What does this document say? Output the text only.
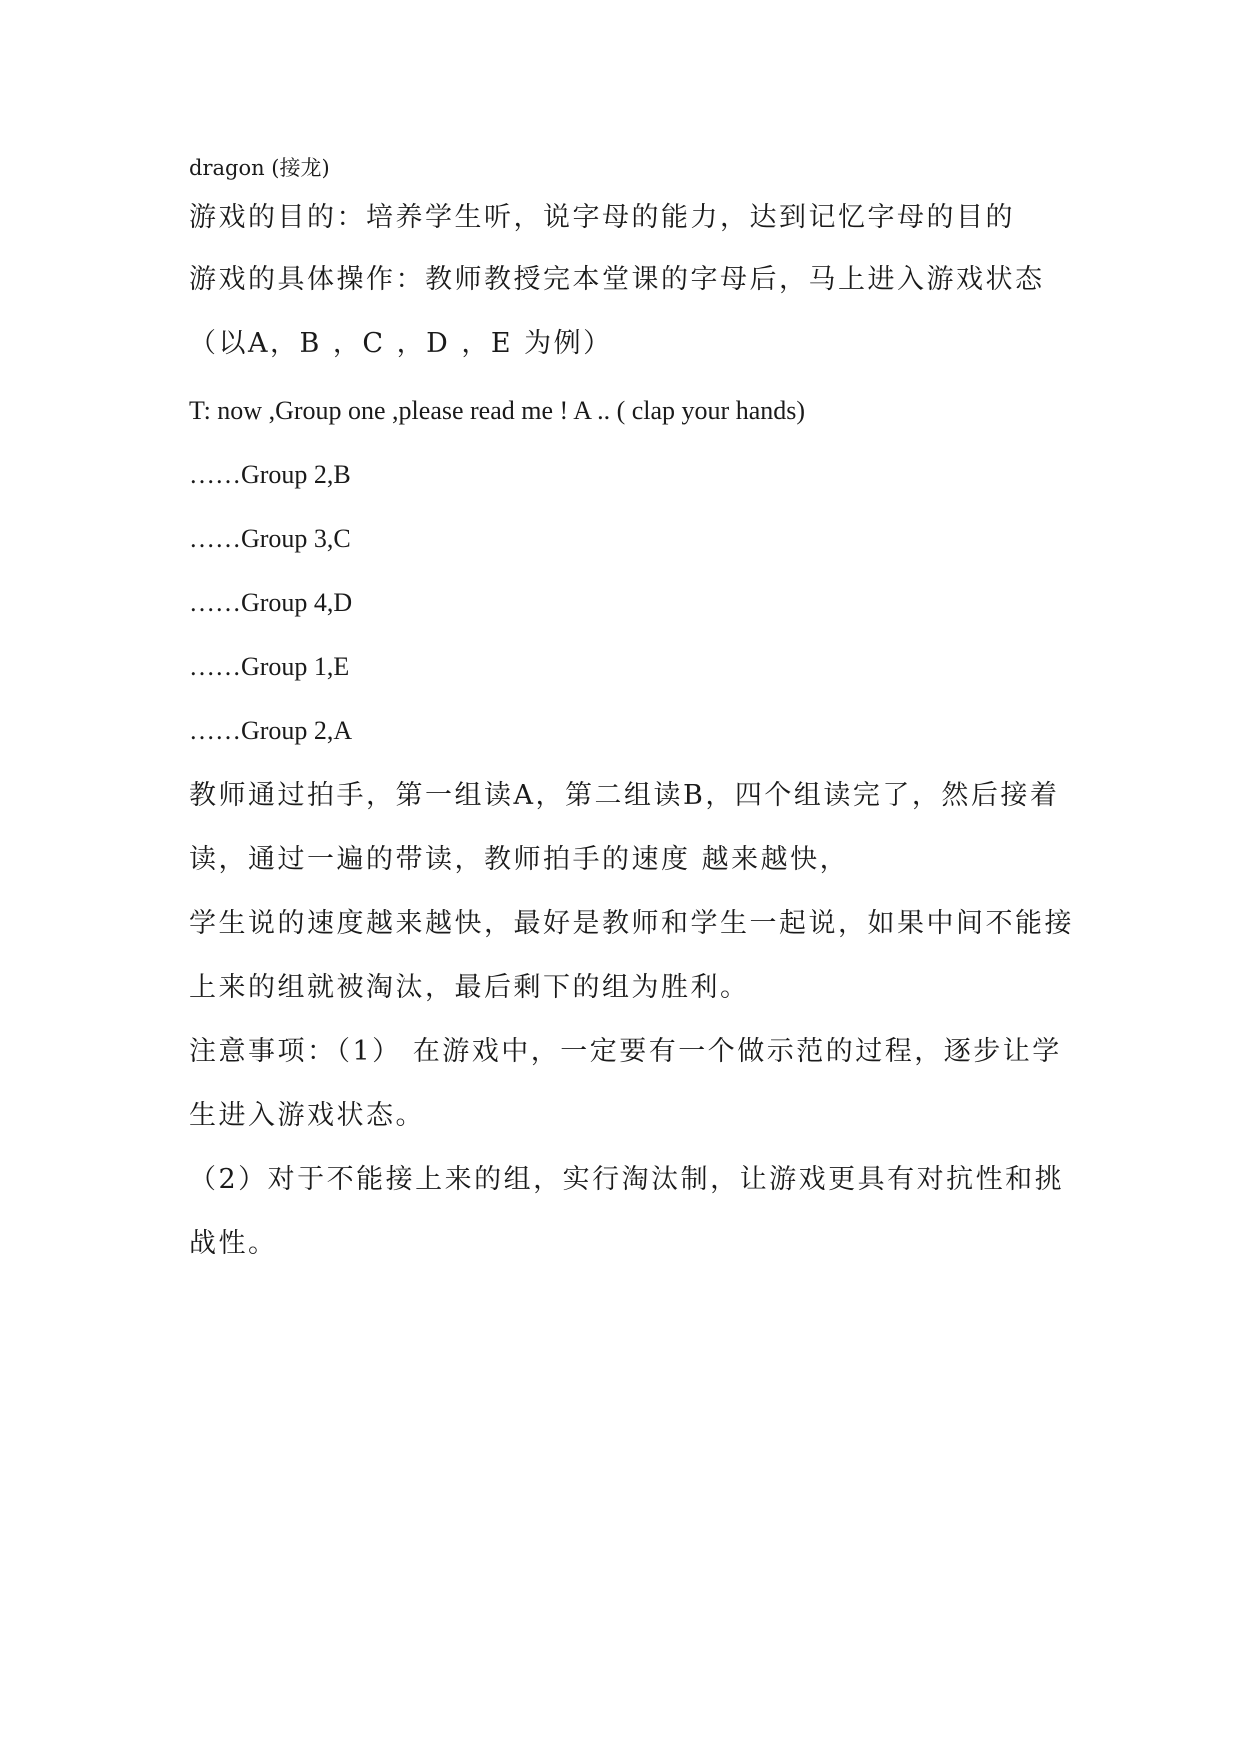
dragon (接龙)
游戏的目的：培养学生听，说字母的能力，达到记忆字母的目的
游戏的具体操作：教师教授完本堂课的字母后，马上进入游戏状态
（以A，B ，C ，D ，E 为例）
T: now ,Group one ,please read me ! A .. ( clap your hands)
……Group 2,B
……Group 3,C
……Group 4,D
……Group 1,E
……Group 2,A
教师通过拍手，第一组读A，第二组读B，四个组读完了，然后接着
读，通过一遍的带读，教师拍手的速度 越来越快，
学生说的速度越来越快，最好是教师和学生一起说，如果中间不能接
上来的组就被淘汰，最后剩下的组为胜利。
注意事项：（1） 在游戏中，一定要有一个做示范的过程，逐步让学
生进入游戏状态。
（2）对于不能接上来的组，实行淘汰制，让游戏更具有对抗性和挑
战性。
